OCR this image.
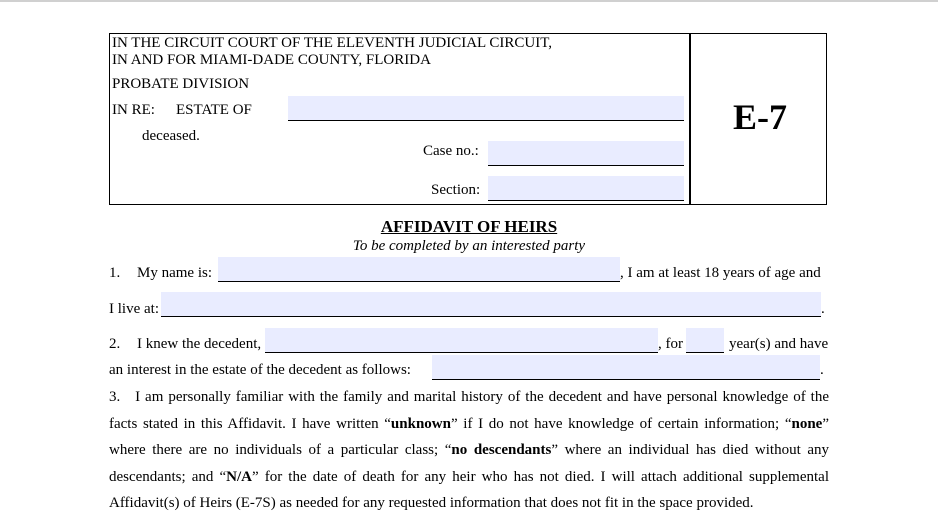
IN THE CIRCUIT COURT OF THE ELEVENTH JUDICIAL CIRCUIT,
IN AND FOR MIAMI-DADE COUNTY, FLORIDA
PROBATE DIVISION
IN RE: ESTATE OF
deceased.
Case no.:
Section:
E-7
AFFIDAVIT OF HEIRS
To be completed by an interested party
1. My name is:	, I am at least 18 years of age and
I live at:	.
2. I knew the decedent,	, for	year(s) and have
an interest in the estate of the decedent as follows:	.
3. I am personally familiar with the family and marital history of the decedent and have personal knowledge of the facts stated in this Affidavit. I have written “unknown” if I do not have knowledge of certain information; “none” where there are no individuals of a particular class; “no descendants” where an individual has died without any descendants; and “N/A” for the date of death for any heir who has not died. I will attach additional supplemental Affidavit(s) of Heirs (E-7S) as needed for any requested information that does not fit in the space provided.
